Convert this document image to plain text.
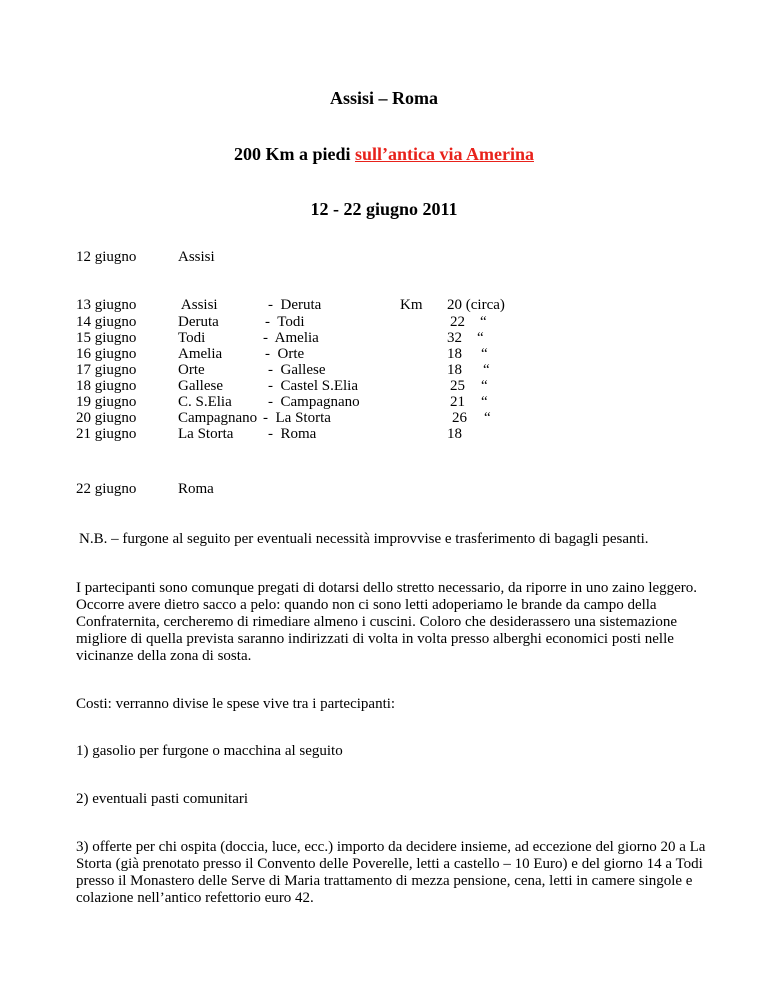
Assisi – Roma
200 Km a piedi sull’antica via Amerina
12 - 22 giugno 2011
12 giugno	Assisi
13 giugno	Assisi	-  Deruta	Km 20 (circa)
14 giugno	Deruta	-  Todi	22 “
15 giugno	Todi	-  Amelia	32 “
16 giugno	Amelia	-  Orte	18 “
17 giugno	Orte	-  Gallese	18 “
18 giugno	Gallese	-  Castel S.Elia	25 “
19 giugno	C. S.Elia -  Campagnano	21 “
20 giugno	Campagnano -  La Storta	26 “
21 giugno	La Storta -  Roma	18
22 giugno	Roma
N.B. – furgone al seguito per eventuali necessità improvvise e trasferimento di bagagli pesanti.
I partecipanti sono comunque pregati di dotarsi dello stretto necessario, da riporre in uno zaino leggero. Occorre avere dietro sacco a pelo: quando non ci sono letti adoperiamo le brande da campo della Confraternita, cercheremo di rimediare almeno i cuscini. Coloro che desiderassero una sistemazione migliore di quella prevista saranno indirizzati di volta in volta presso alberghi economici posti nelle vicinanze della zona di sosta.
Costi: verranno divise le spese vive tra i partecipanti:
1) gasolio per furgone o macchina al seguito
2) eventuali pasti comunitari
3) offerte per chi ospita (doccia, luce, ecc.) importo da decidere insieme, ad eccezione del giorno 20 a La Storta (già prenotato presso il Convento delle Poverelle, letti a castello – 10 Euro) e del giorno 14 a Todi presso il Monastero delle Serve di Maria trattamento di mezza pensione, cena, letti in camere singole e colazione nell’antico refettorio euro 42.
